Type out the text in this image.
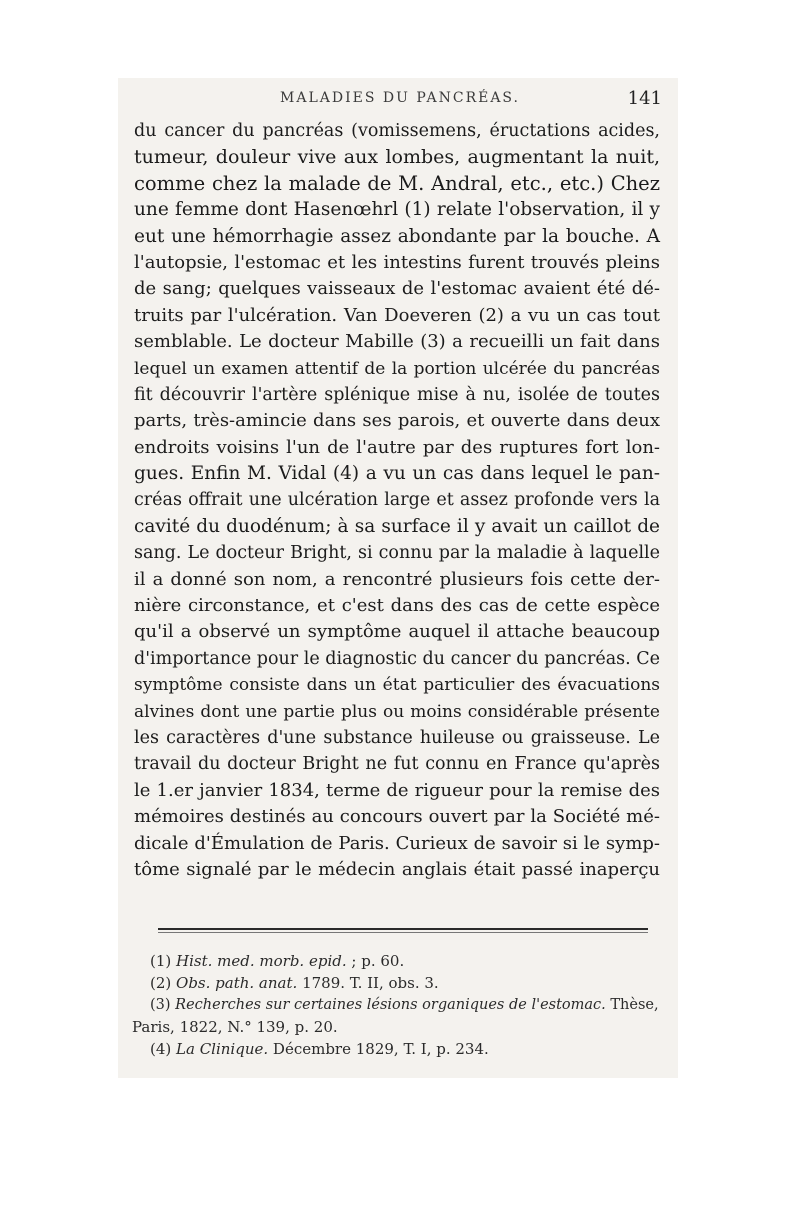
MALADIES DU PANCRÉAS.	141
du cancer du pancréas (vomissemens, éructations acides,
tumeur, douleur vive aux lombes, augmentant la nuit,
comme chez la malade de M. Andral, etc., etc.) Chez
une femme dont Hasenœhrl (1) relate l'observation, il y
eut une hémorrhagie assez abondante par la bouche. A
l'autopsie, l'estomac et les intestins furent trouvés pleins
de sang; quelques vaisseaux de l'estomac avaient été dé-
truits par l'ulcération. Van Doeveren (2) a vu un cas tout
semblable. Le docteur Mabille (3) a recueilli un fait dans
lequel un examen attentif de la portion ulcérée du pancréas
fit découvrir l'artère splénique mise à nu, isolée de toutes
parts, très-amincie dans ses parois, et ouverte dans deux
endroits voisins l'un de l'autre par des ruptures fort lon-
gues. Enfin M. Vidal (4) a vu un cas dans lequel le pan-
créas offrait une ulcération large et assez profonde vers la
cavité du duodénum; à sa surface il y avait un caillot de
sang. Le docteur Bright, si connu par la maladie à laquelle
il a donné son nom, a rencontré plusieurs fois cette der-
nière circonstance, et c'est dans des cas de cette espèce
qu'il a observé un symptôme auquel il attache beaucoup
d'importance pour le diagnostic du cancer du pancréas. Ce
symptôme consiste dans un état particulier des évacuations
alvines dont une partie plus ou moins considérable présente
les caractères d'une substance huileuse ou graisseuse. Le
travail du docteur Bright ne fut connu en France qu'après
le 1.er janvier 1834, terme de rigueur pour la remise des
mémoires destinés au concours ouvert par la Société mé-
dicale d'Émulation de Paris. Curieux de savoir si le symp-
tôme signalé par le médecin anglais était passé inaperçu
(1) Hist. med. morb. epid. ; p. 60.
(2) Obs. path. anat. 1789. T. II, obs. 3.
(3) Recherches sur certaines lésions organiques de l'estomac. Thèse,
Paris, 1822, N.° 139, p. 20.
(4) La Clinique. Décembre 1829, T. I, p. 234.
